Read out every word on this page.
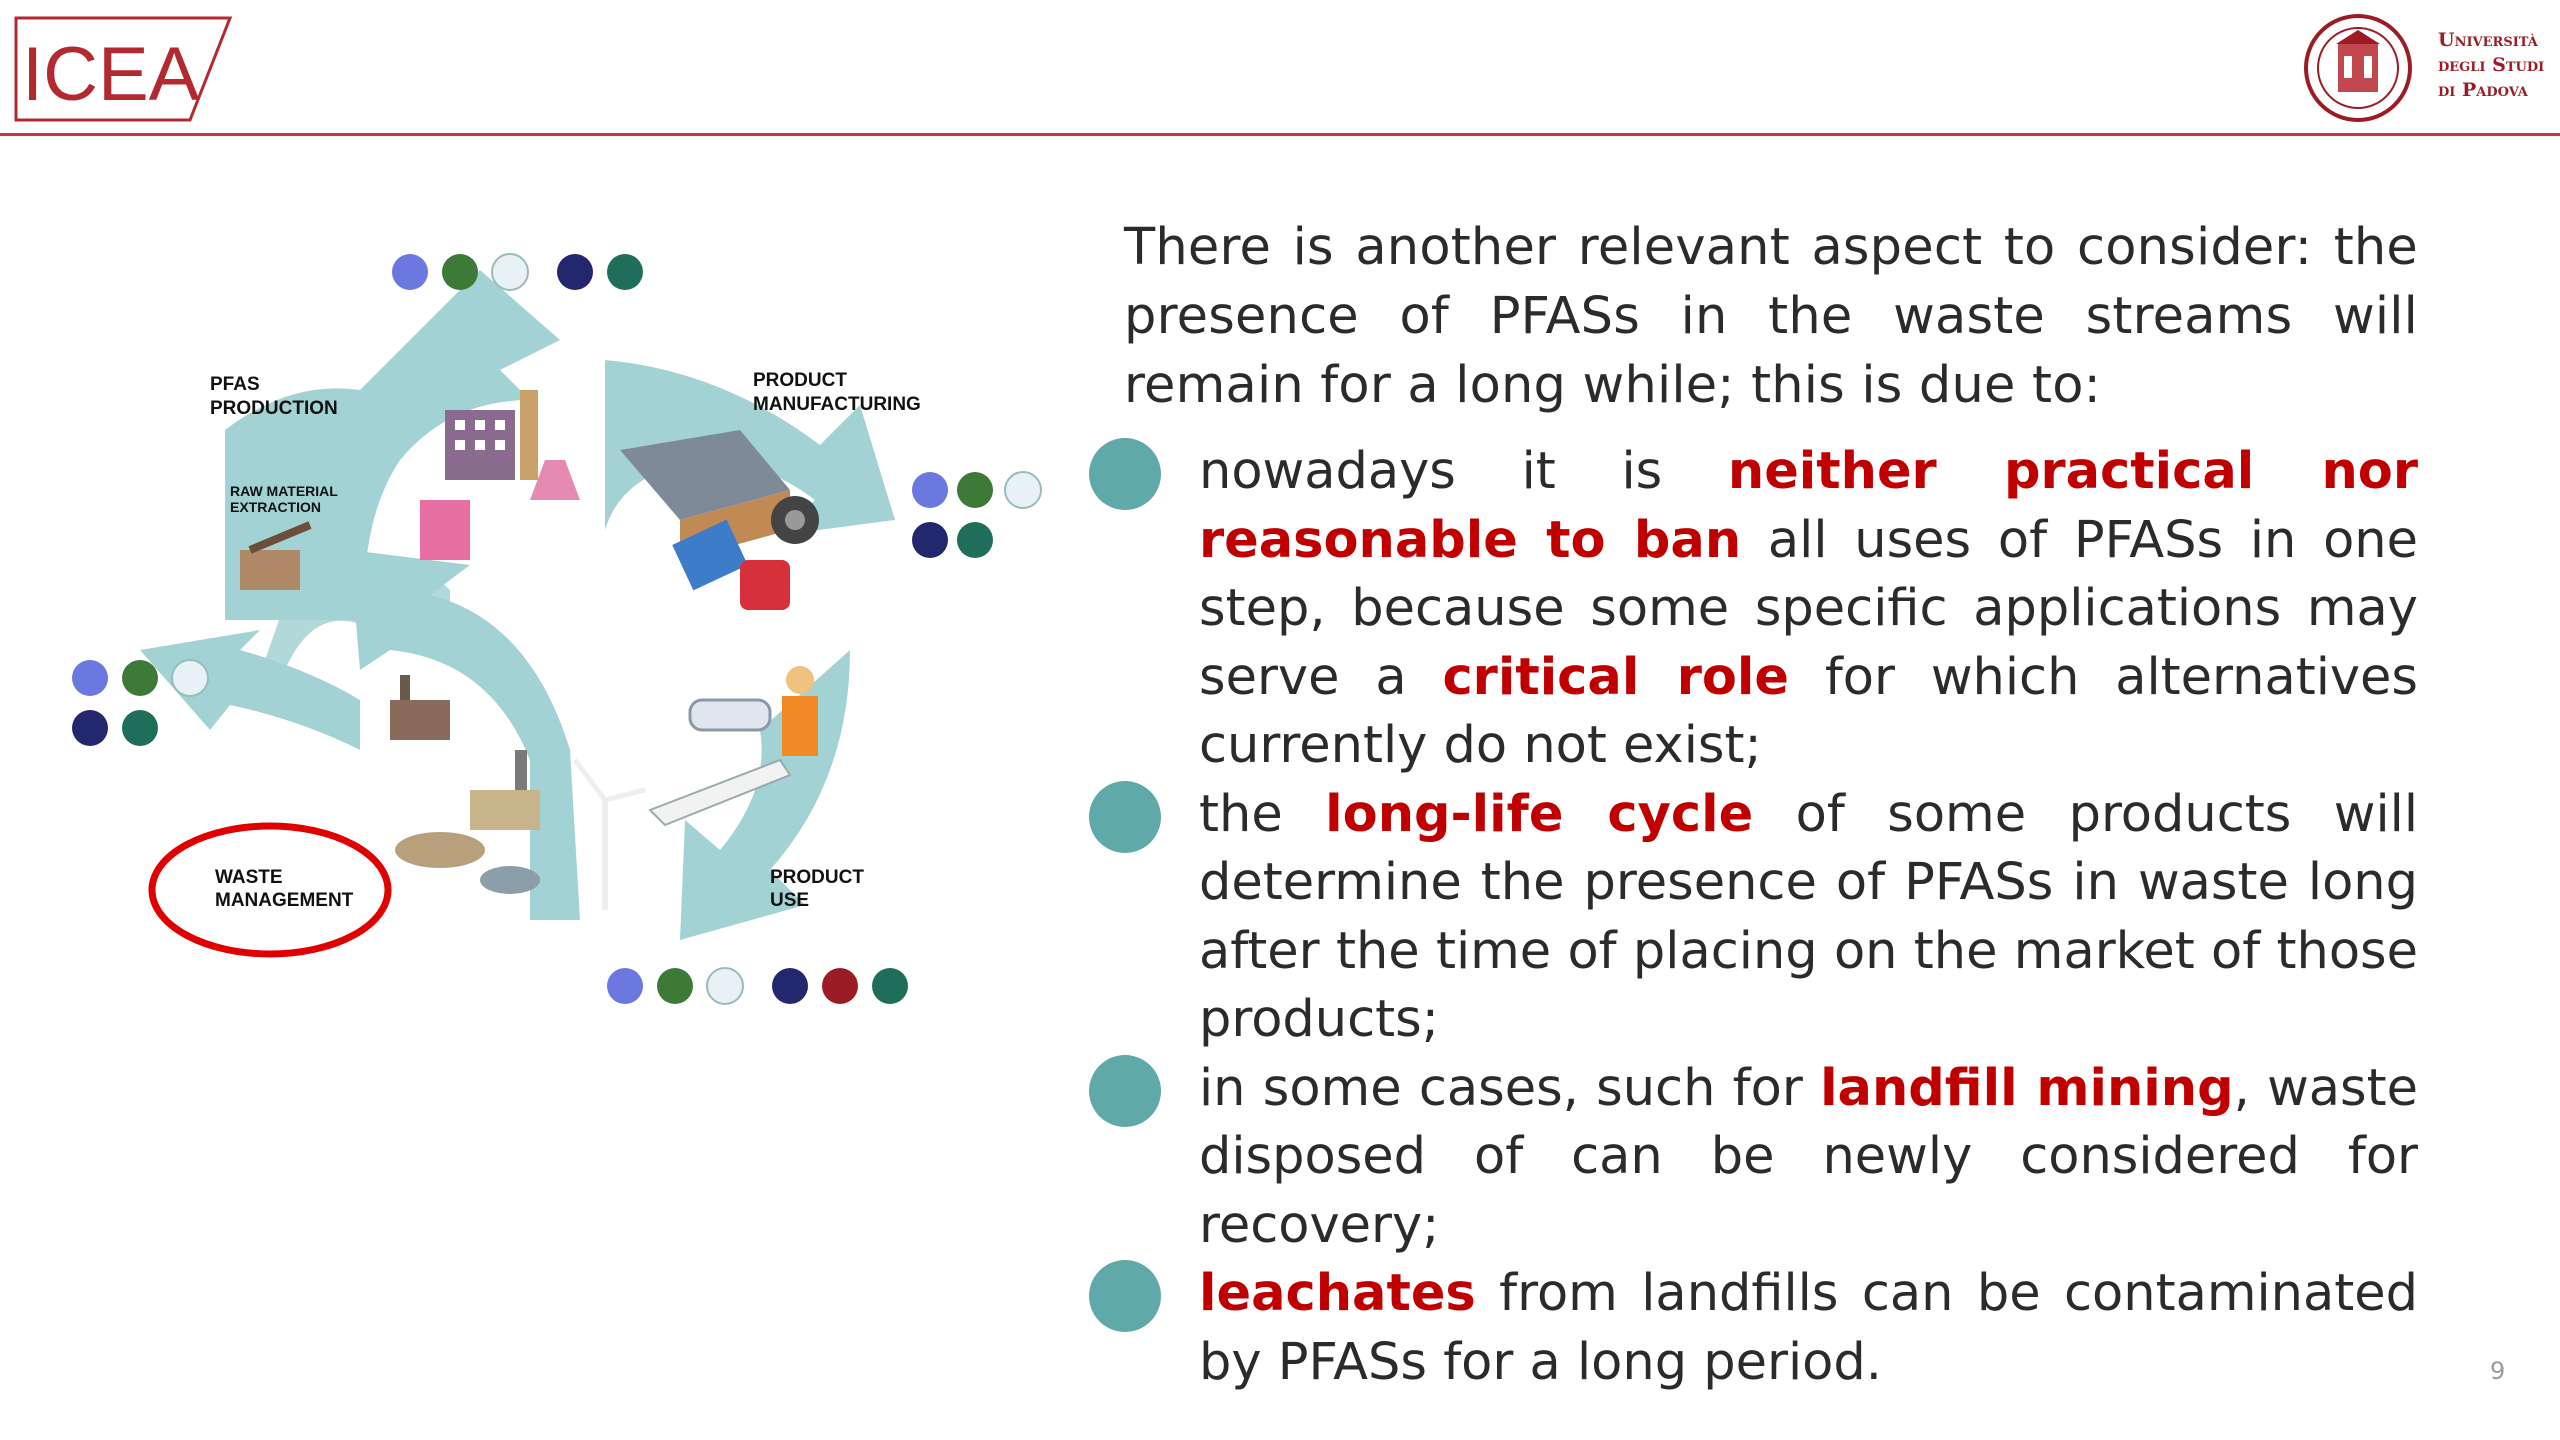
ICEA	Università
degli Studi
di Padova
PFAS
PRODUCTION
RAW MATERIAL
EXTRACTION
PRODUCT
MANUFACTURING
PRODUCT
USE
WASTE
MANAGEMENT

There is another relevant aspect to consider: the presence of PFASs in the waste streams will remain for a long while; this is due to:

nowadays it is neither practical nor reasonable to ban all uses of PFASs in one step, because some specific applications may serve a critical role for which alternatives currently do not exist;
the long-life cycle of some products will determine the presence of PFASs in waste long after the time of placing on the market of those products;
in some cases, such for landfill mining, waste disposed of can be newly considered for recovery;
leachates from landfills can be contaminated by PFASs for a long period.	9
